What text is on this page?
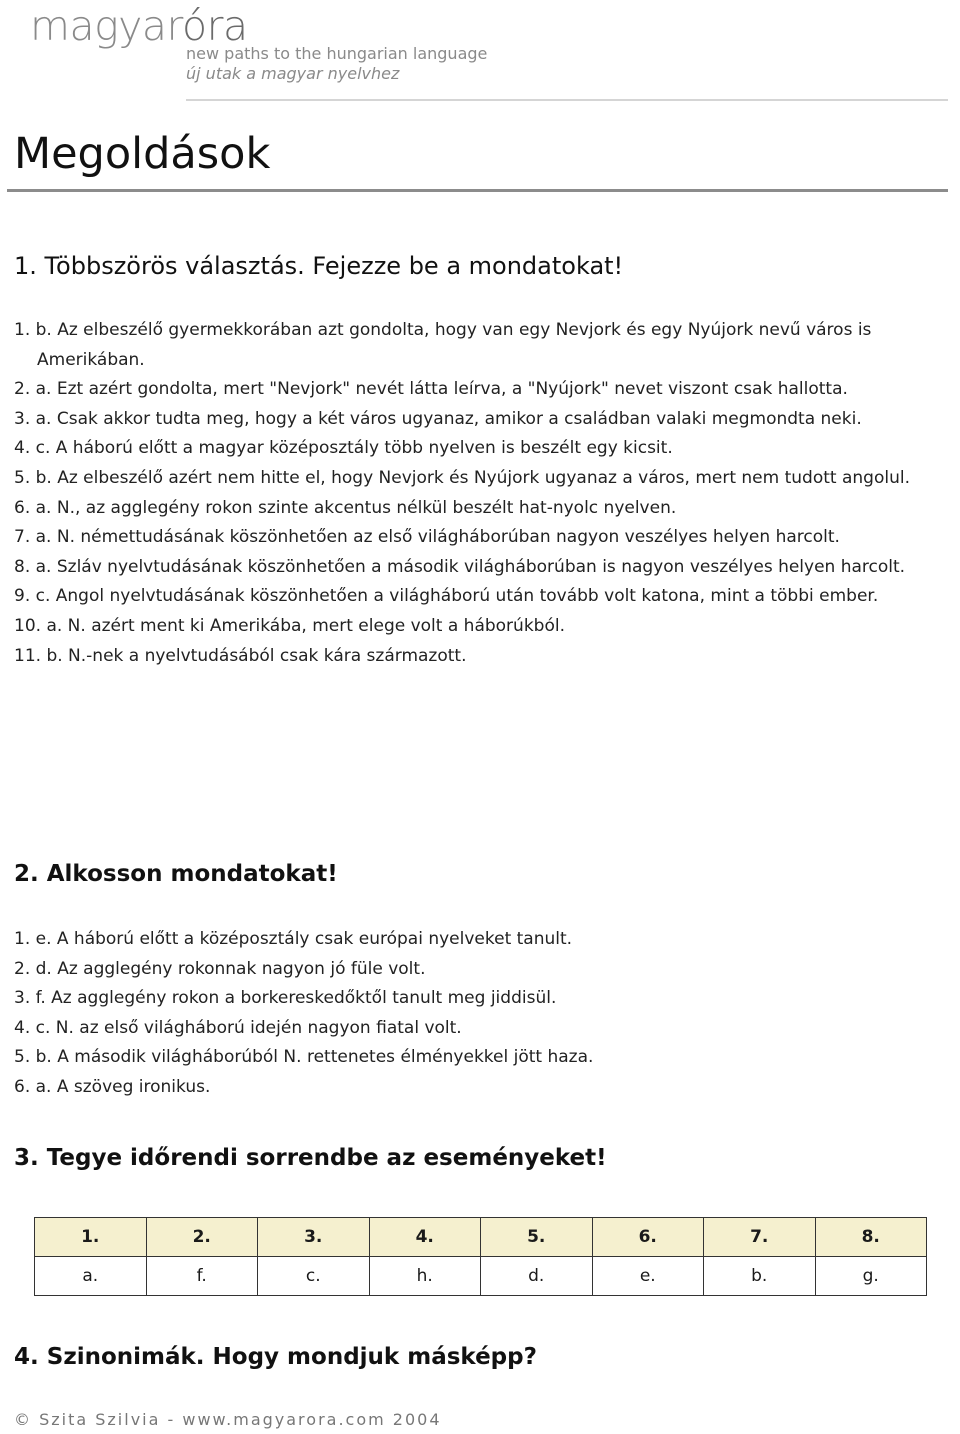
magyaróra
new paths to the hungarian language
új utak a magyar nyelvhez
Megoldások
1. Többszörös választás. Fejezze be a mondatokat!
1. b. Az elbeszélő gyermekkorában azt gondolta, hogy van egy Nevjork és egy Nyújork nevű város is Amerikában.
2. a. Ezt azért gondolta, mert "Nevjork" nevét látta leírva, a "Nyújork" nevet viszont csak hallotta.
3. a. Csak akkor tudta meg, hogy a két város ugyanaz, amikor a családban valaki megmondta neki.
4. c. A háború előtt a magyar középosztály több nyelven is beszélt egy kicsit.
5. b. Az elbeszélő azért nem hitte el, hogy Nevjork és Nyújork ugyanaz a város, mert nem tudott angolul.
6. a. N., az agglegény rokon szinte akcentus nélkül beszélt hat-nyolc nyelven.
7. a. N. némettudásának köszönhetően az első világháborúban nagyon veszélyes helyen harcolt.
8. a. Szláv nyelvtudásának köszönhetően a második világháborúban is nagyon veszélyes helyen harcolt.
9. c. Angol nyelvtudásának köszönhetően a világháború után tovább volt katona, mint a többi ember.
10. a. N. azért ment ki Amerikába, mert elege volt a háborúkból.
11. b. N.-nek a nyelvtudásából csak kára származott.
2. Alkosson mondatokat!
1. e. A háború előtt a középosztály csak európai nyelveket tanult.
2. d. Az agglegény rokonnak nagyon jó füle volt.
3. f. Az agglegény rokon a borkereskedőktől tanult meg jiddisül.
4. c. N. az első világháború idején nagyon fiatal volt.
5. b. A második világháborúból N. rettenetes élményekkel jött haza.
6. a. A szöveg ironikus.
3. Tegye időrendi sorrendbe az eseményeket!
1.	2.	3.	4.	5.	6.	7.	8.
a.	f.	c.	h.	d.	e.	b.	g.
4. Szinonimák. Hogy mondjuk másképp?
© Szita Szilvia - www.magyarora.com 2004
